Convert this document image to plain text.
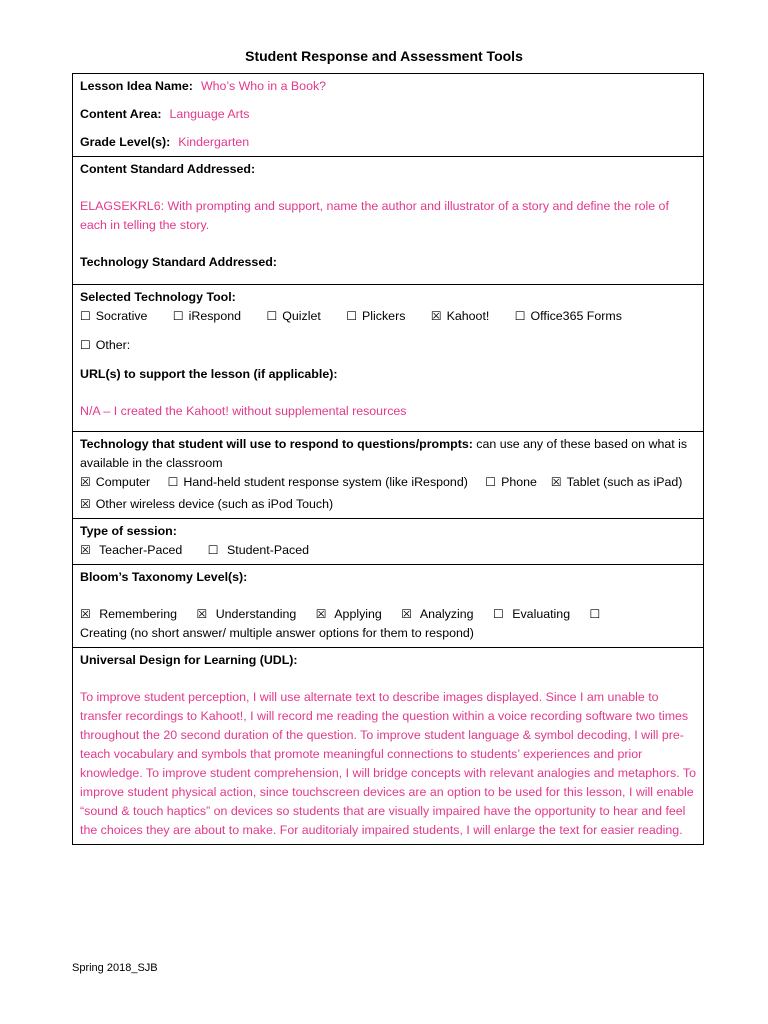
Student Response and Assessment Tools
Lesson Idea Name: Who’s Who in a Book?
Content Area: Language Arts
Grade Level(s): Kindergarten
Content Standard Addressed:
ELAGSEKRL6: With prompting and support, name the author and illustrator of a story and define the role of each in telling the story.
Technology Standard Addressed:
Selected Technology Tool:
☐ Socrative ☐ iRespond ☐ Quizlet ☐ Plickers ☒ Kahoot! ☐ Office365 Forms
☐ Other:
URL(s) to support the lesson (if applicable):
N/A – I created the Kahoot! without supplemental resources
Technology that student will use to respond to questions/prompts: can use any of these based on what is available in the classroom
☒ Computer ☐ Hand-held student response system (like iRespond) ☐ Phone ☒ Tablet (such as iPad)
☒ Other wireless device (such as iPod Touch)
Type of session:
☒ Teacher-Paced ☐ Student-Paced
Bloom’s Taxonomy Level(s):
☒ Remembering ☒ Understanding ☒ Applying ☒ Analyzing ☐ Evaluating ☐
Creating (no short answer/ multiple answer options for them to respond)
Universal Design for Learning (UDL):
To improve student perception, I will use alternate text to describe images displayed. Since I am unable to transfer recordings to Kahoot!, I will record me reading the question within a voice recording software two times throughout the 20 second duration of the question. To improve student language & symbol decoding, I will pre-teach vocabulary and symbols that promote meaningful connections to students’ experiences and prior knowledge. To improve student comprehension, I will bridge concepts with relevant analogies and metaphors. To improve student physical action, since touchscreen devices are an option to be used for this lesson, I will enable “sound & touch haptics” on devices so students that are visually impaired have the opportunity to hear and feel the choices they are about to make. For auditorialy impaired students, I will enlarge the text for easier reading.
Spring 2018_SJB
